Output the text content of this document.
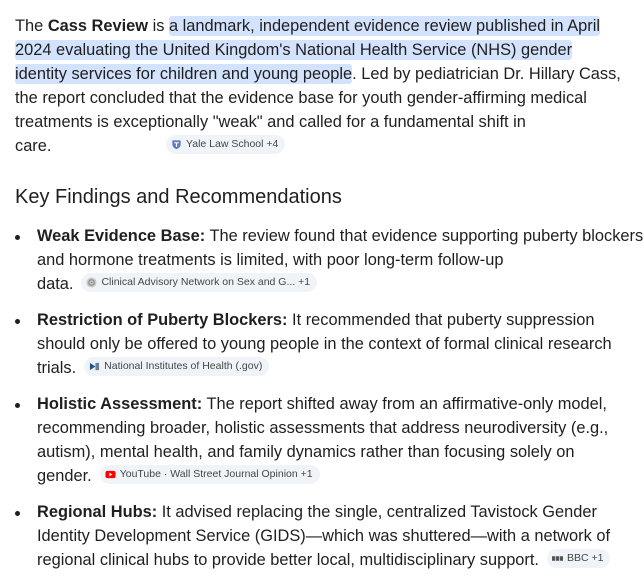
The Cass Review is a landmark, independent evidence review published in April
2024 evaluating the United Kingdom's National Health Service (NHS) gender
identity services for children and young people. Led by pediatrician Dr. Hillary Cass,
the report concluded that the evidence base for youth gender-affirming medical
treatments is exceptionally "weak" and called for a fundamental shift in
care.	Yale Law School +4

Key Findings and Recommendations
Weak Evidence Base: The review found that evidence supporting puberty blockers
and hormone treatments is limited, with poor long-term follow-up
data.	Clinical Advisory Network on Sex and G... +1
Restriction of Puberty Blockers: It recommended that puberty suppression
should only be offered to young people in the context of formal clinical research
trials.	National Institutes of Health (.gov)
Holistic Assessment: The report shifted away from an affirmative-only model,
recommending broader, holistic assessments that address neurodiversity (e.g.,
autism), mental health, and family dynamics rather than focusing solely on
gender.	YouTube · Wall Street Journal Opinion +1
Regional Hubs: It advised replacing the single, centralized Tavistock Gender
Identity Development Service (GIDS)—which was shuttered—with a network of
regional clinical hubs to provide better local, multidisciplinary support.	BBC +1
